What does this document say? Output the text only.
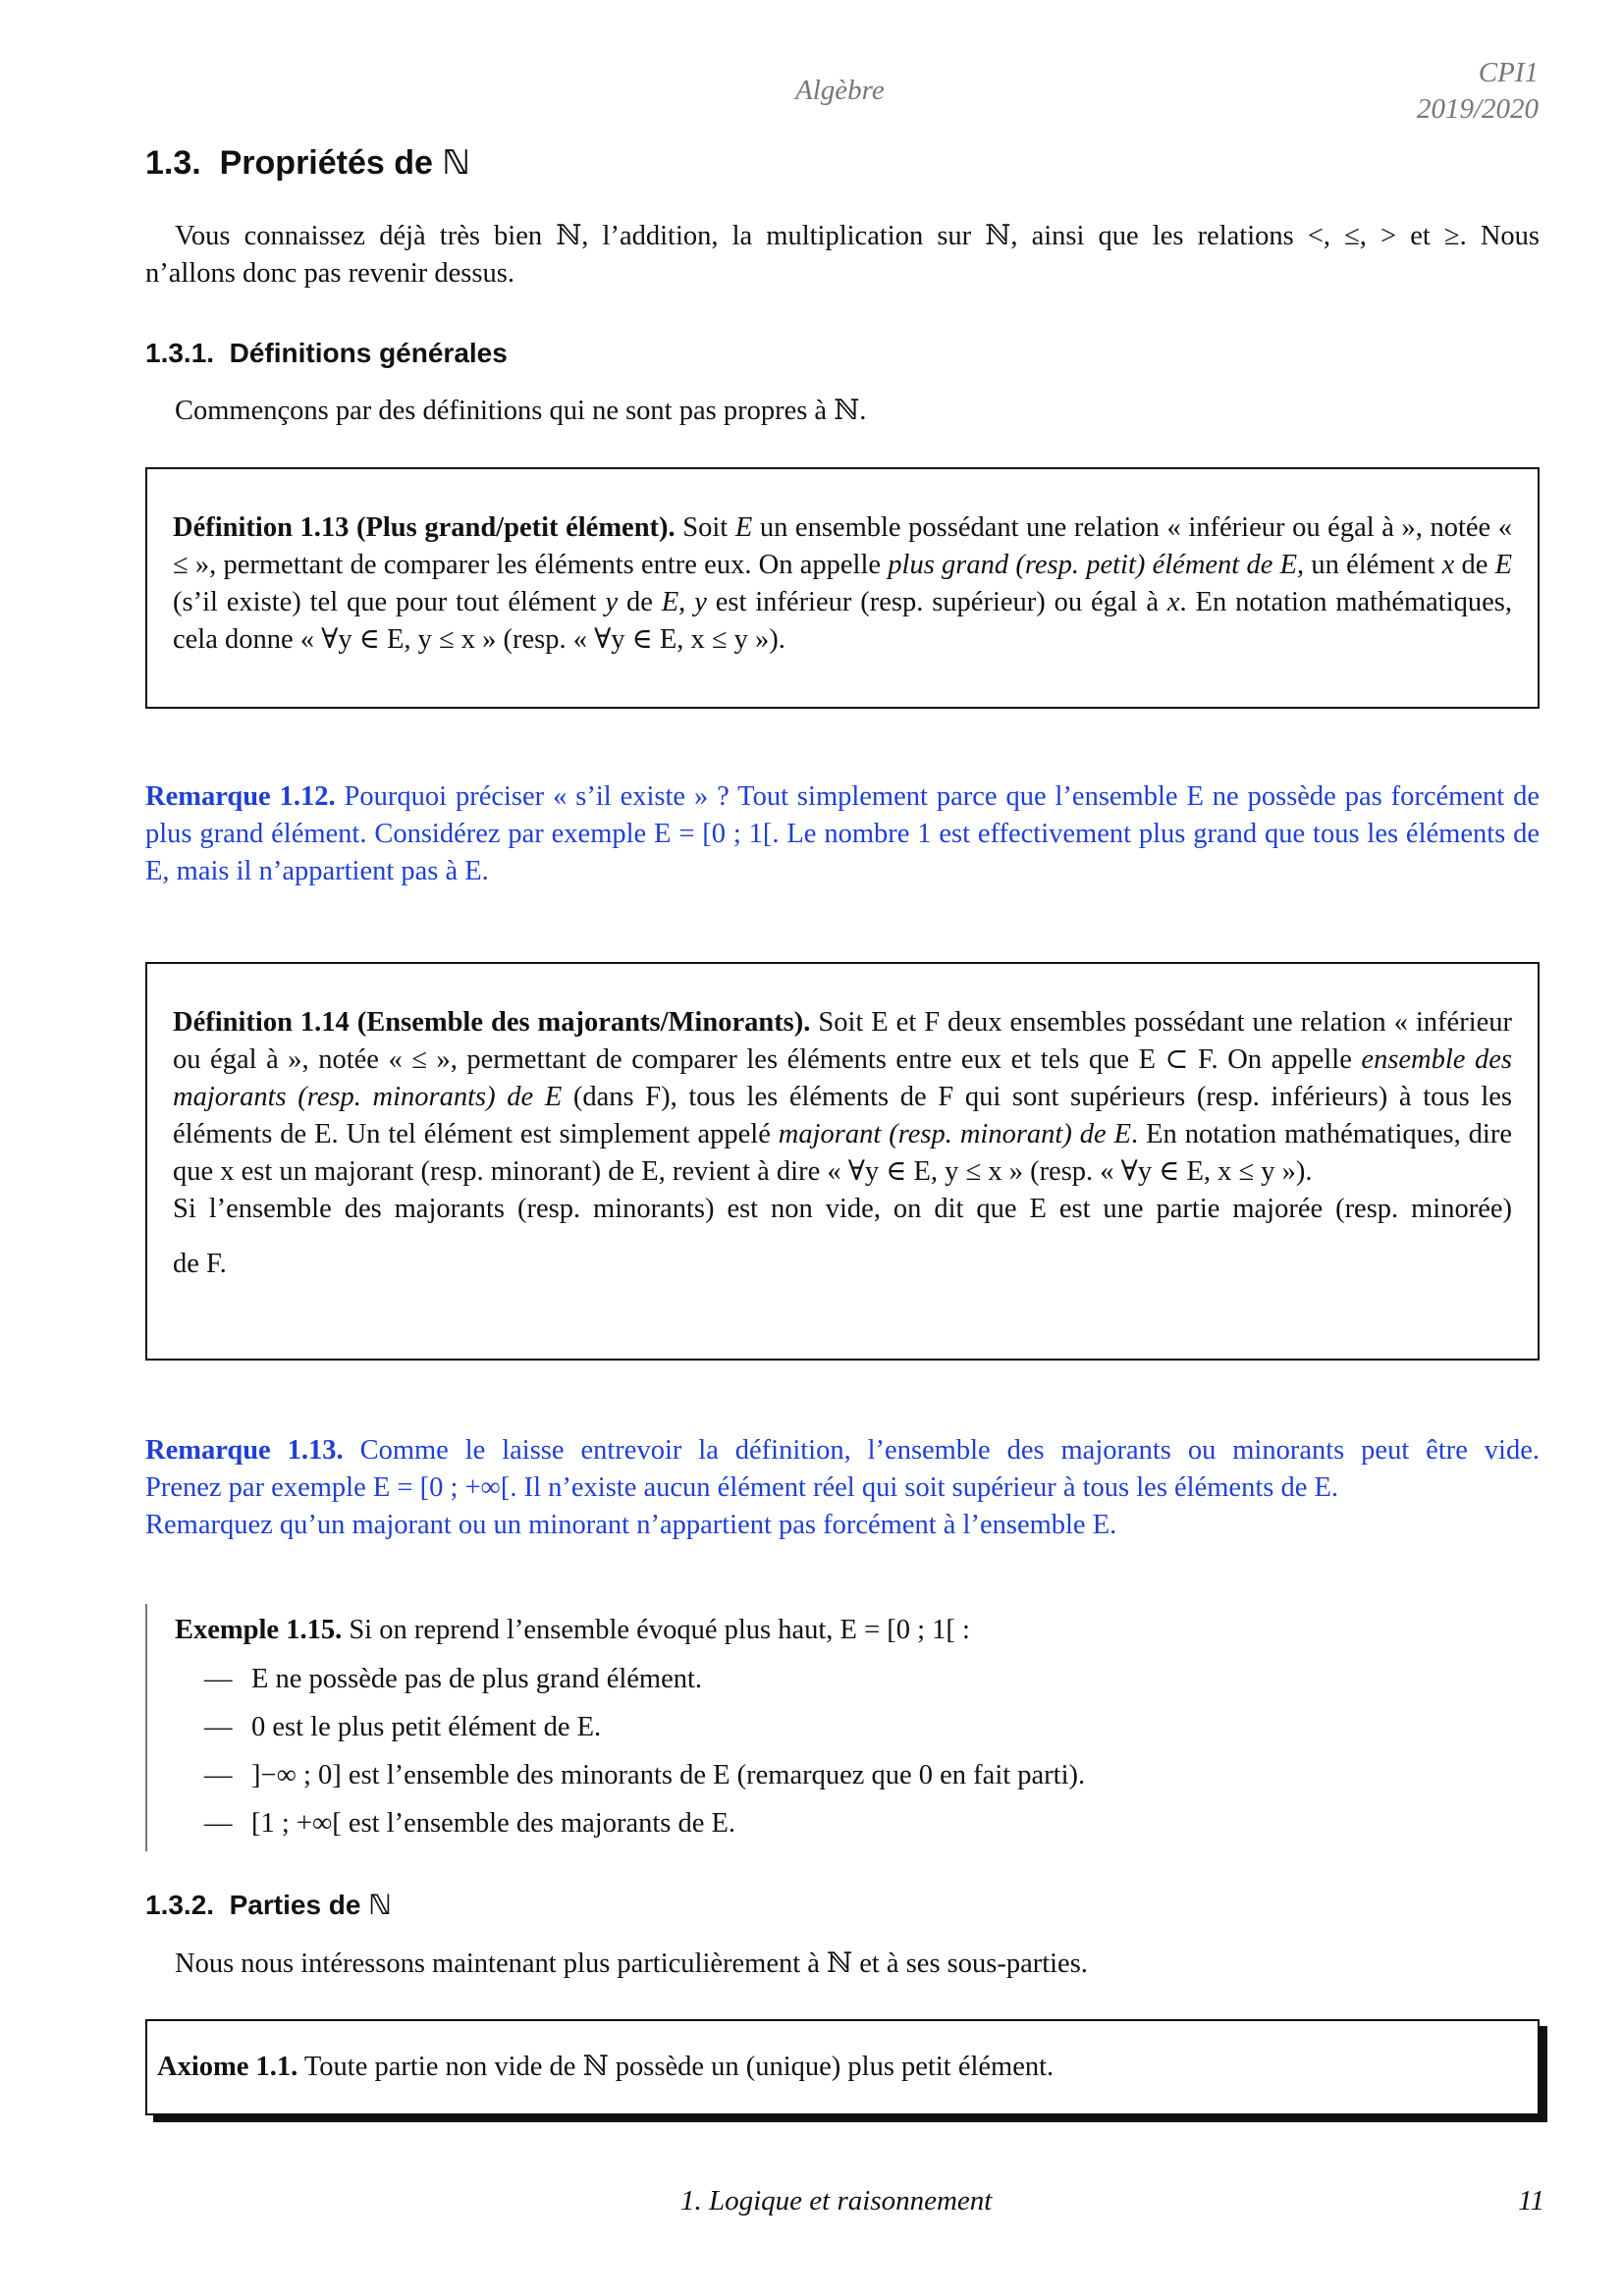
Algèbre
CPI1
2019/2020
1.3. Propriétés de ℕ
Vous connaissez déjà très bien ℕ, l’addition, la multiplication sur ℕ, ainsi que les relations <, ≤, > et ≥. Nous
n’allons donc pas revenir dessus.
1.3.1. Définitions générales
Commençons par des définitions qui ne sont pas propres à ℕ.
Définition 1.13 (Plus grand/petit élément). Soit E un ensemble possédant une relation « inférieur ou égal à », notée « ≤ », permettant de comparer les éléments entre eux. On appelle plus grand (resp. petit) élément de E, un élément x de E (s’il existe) tel que pour tout élément y de E, y est inférieur (resp. supérieur) ou égal à x. En notation mathématiques, cela donne « ∀y ∈ E, y ≤ x » (resp. « ∀y ∈ E, x ≤ y »).
Remarque 1.12. Pourquoi préciser « s’il existe » ? Tout simplement parce que l’ensemble E ne possède pas forcément de plus grand élément. Considérez par exemple E = [0 ; 1[. Le nombre 1 est effectivement plus grand que tous les éléments de E, mais il n’appartient pas à E.
Définition 1.14 (Ensemble des majorants/Minorants). Soit E et F deux ensembles possédant une relation « inférieur ou égal à », notée « ≤ », permettant de comparer les éléments entre eux et tels que E ⊂ F. On appelle ensemble des majorants (resp. minorants) de E (dans F), tous les éléments de F qui sont supérieurs (resp. inférieurs) à tous les éléments de E. Un tel élément est simplement appelé majorant (resp. minorant) de E. En notation mathématiques, dire que x est un majorant (resp. minorant) de E, revient à dire « ∀y ∈ E, y ≤ x » (resp. « ∀y ∈ E, x ≤ y »).
Si l’ensemble des majorants (resp. minorants) est non vide, on dit que E est une partie majorée (resp. minorée)
de F.
Remarque 1.13. Comme le laisse entrevoir la définition, l’ensemble des majorants ou minorants peut être vide.
Prenez par exemple E = [0 ; +∞[. Il n’existe aucun élément réel qui soit supérieur à tous les éléments de E.
Remarquez qu’un majorant ou un minorant n’appartient pas forcément à l’ensemble E.
Exemple 1.15. Si on reprend l’ensemble évoqué plus haut, E = [0 ; 1[ :
— E ne possède pas de plus grand élément.
— 0 est le plus petit élément de E.
— ]−∞ ; 0] est l’ensemble des minorants de E (remarquez que 0 en fait parti).
— [1 ; +∞[ est l’ensemble des majorants de E.
1.3.2. Parties de ℕ
Nous nous intéressons maintenant plus particulièrement à ℕ et à ses sous-parties.
Axiome 1.1. Toute partie non vide de ℕ possède un (unique) plus petit élément.
1. Logique et raisonnement	11
